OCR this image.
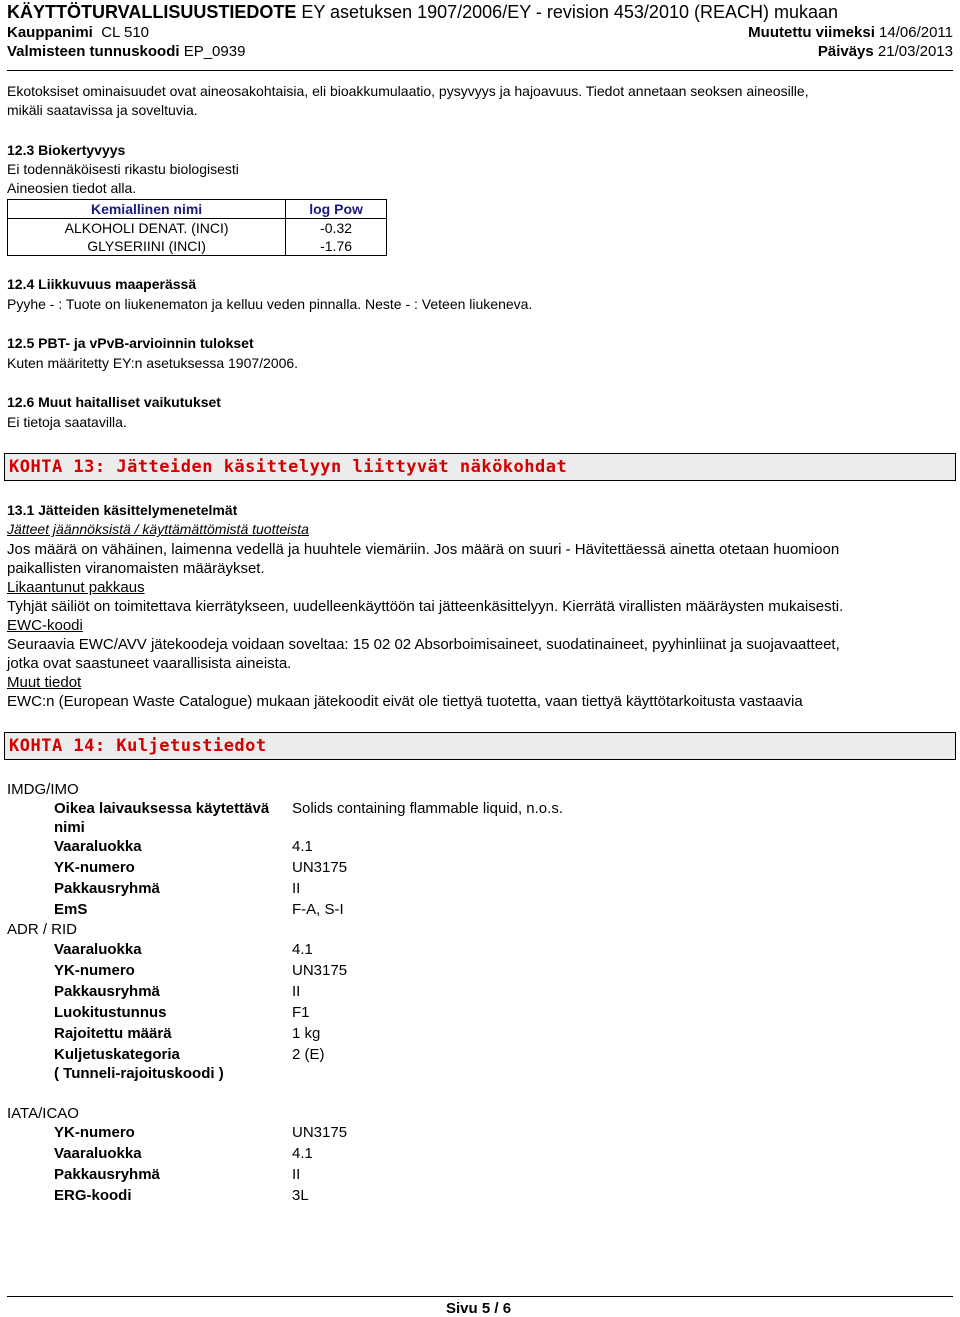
KÄYTTÖTURVALLISUUSTIEDOTE EY asetuksen 1907/2006/EY - revision 453/2010 (REACH) mukaan
Kauppanimi CL 510	Muutettu viimeksi 14/06/2011
Valmisteen tunnuskoodi EP_0939	Päiväys 21/03/2013
Ekotoksiset ominaisuudet ovat aineosakohtaisia, eli bioakkumulaatio, pysyvyys ja hajoavuus. Tiedot annetaan seoksen aineosille,
mikäli saatavissa ja soveltuvia.
12.3 Biokertyvyys
Ei todennäköisesti rikastu biologisesti
Aineosien tiedot alla.
Kemiallinen nimi	log Pow
ALKOHOLI DENAT. (INCI)	-0.32
GLYSERIINI (INCI)	-1.76
12.4 Liikkuvuus maaperässä
Pyyhe - : Tuote on liukenematon ja kelluu veden pinnalla. Neste - : Veteen liukeneva.
12.5 PBT- ja vPvB-arvioinnin tulokset
Kuten määritetty EY:n asetuksessa 1907/2006.
12.6 Muut haitalliset vaikutukset
Ei tietoja saatavilla.
KOHTA 13: Jätteiden käsittelyyn liittyvät näkökohdat
13.1 Jätteiden käsittelymenetelmät
Jätteet jäännöksistä / käyttämättömistä tuotteista
Jos määrä on vähäinen, laimenna vedellä ja huuhtele viemäriin. Jos määrä on suuri - Hävitettäessä ainetta otetaan huomioon
paikallisten viranomaisten määräykset.
Likaantunut pakkaus
Tyhjät säiliöt on toimitettava kierrätykseen, uudelleenkäyttöön tai jätteenkäsittelyyn. Kierrätä virallisten määräysten mukaisesti.
EWC-koodi
Seuraavia EWC/AVV jätekoodeja voidaan soveltaa: 15 02 02 Absorboimisaineet, suodatinaineet, pyyhinliinat ja suojavaatteet,
jotka ovat saastuneet vaarallisista aineista.
Muut tiedot
EWC:n (European Waste Catalogue) mukaan jätekoodit eivät ole tiettyä tuotetta, vaan tiettyä käyttötarkoitusta vastaavia
KOHTA 14: Kuljetustiedot
IMDG/IMO
Oikea laivauksessa käytettävä Solids containing flammable liquid, n.o.s.
nimi
Vaaraluokka	4.1
YK-numero	UN3175
Pakkausryhmä	II
EmS	F-A, S-I
ADR / RID
Vaaraluokka	4.1
YK-numero	UN3175
Pakkausryhmä	II
Luokitustunnus	F1
Rajoitettu määrä	1 kg
Kuljetuskategoria	2 (E)
( Tunneli-rajoituskoodi )
IATA/ICAO
YK-numero	UN3175
Vaaraluokka	4.1
Pakkausryhmä	II
ERG-koodi	3L
Sivu 5 / 6
